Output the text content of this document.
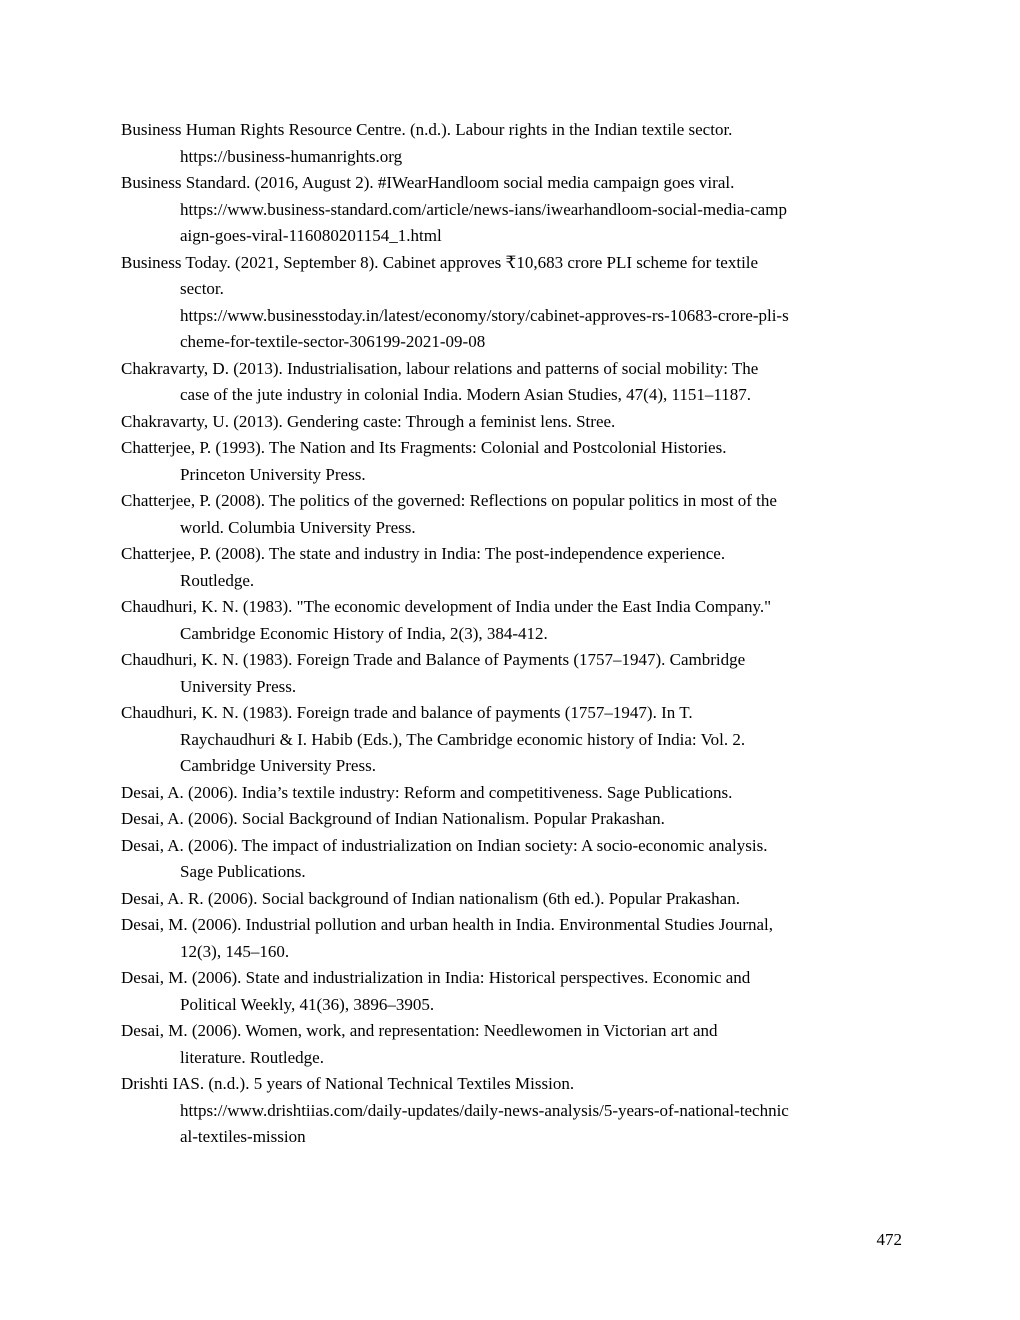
Business Human Rights Resource Centre. (n.d.). Labour rights in the Indian textile sector.
https://business-humanrights.org
Business Standard. (2016, August 2). #IWearHandloom social media campaign goes viral.
https://www.business-standard.com/article/news-ians/iwearhandloom-social-media-camp
aign-goes-viral-116080201154_1.html
Business Today. (2021, September 8). Cabinet approves ₹10,683 crore PLI scheme for textile
sector.
https://www.businesstoday.in/latest/economy/story/cabinet-approves-rs-10683-crore-pli-s
cheme-for-textile-sector-306199-2021-09-08
Chakravarty, D. (2013). Industrialisation, labour relations and patterns of social mobility: The
case of the jute industry in colonial India. Modern Asian Studies, 47(4), 1151–1187.
Chakravarty, U. (2013). Gendering caste: Through a feminist lens. Stree.
Chatterjee, P. (1993). The Nation and Its Fragments: Colonial and Postcolonial Histories.
Princeton University Press.
Chatterjee, P. (2008). The politics of the governed: Reflections on popular politics in most of the
world. Columbia University Press.
Chatterjee, P. (2008). The state and industry in India: The post-independence experience.
Routledge.
Chaudhuri, K. N. (1983). "The economic development of India under the East India Company."
Cambridge Economic History of India, 2(3), 384-412.
Chaudhuri, K. N. (1983). Foreign Trade and Balance of Payments (1757–1947). Cambridge
University Press.
Chaudhuri, K. N. (1983). Foreign trade and balance of payments (1757–1947). In T.
Raychaudhuri & I. Habib (Eds.), The Cambridge economic history of India: Vol. 2.
Cambridge University Press.
Desai, A. (2006). India’s textile industry: Reform and competitiveness. Sage Publications.
Desai, A. (2006). Social Background of Indian Nationalism. Popular Prakashan.
Desai, A. (2006). The impact of industrialization on Indian society: A socio-economic analysis.
Sage Publications.
Desai, A. R. (2006). Social background of Indian nationalism (6th ed.). Popular Prakashan.
Desai, M. (2006). Industrial pollution and urban health in India. Environmental Studies Journal,
12(3), 145–160.
Desai, M. (2006). State and industrialization in India: Historical perspectives. Economic and
Political Weekly, 41(36), 3896–3905.
Desai, M. (2006). Women, work, and representation: Needlewomen in Victorian art and
literature. Routledge.
Drishti IAS. (n.d.). 5 years of National Technical Textiles Mission.
https://www.drishtiias.com/daily-updates/daily-news-analysis/5-years-of-national-technic
al-textiles-mission
472
